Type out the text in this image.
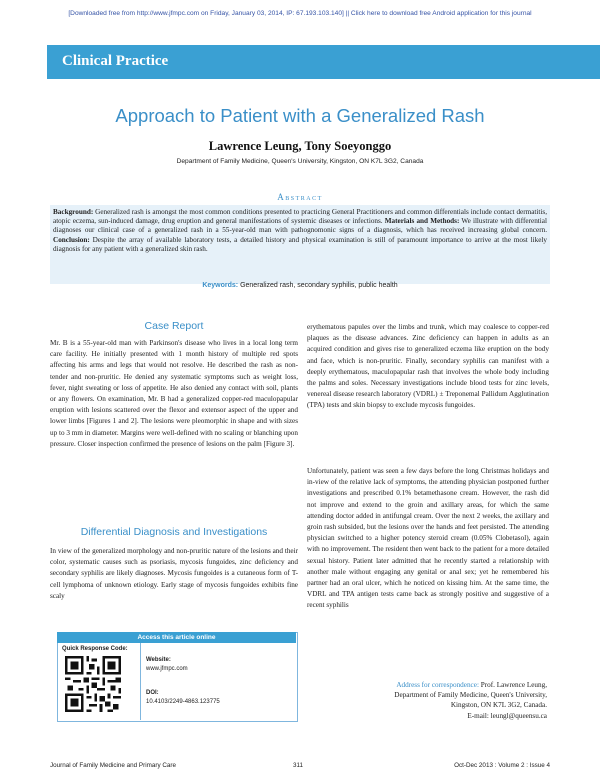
[Downloaded free from http://www.jfmpc.com on Friday, January 03, 2014, IP: 67.193.103.140] || Click here to download free Android application for this journal
Clinical Practice
Approach to Patient with a Generalized Rash
Lawrence Leung, Tony Soeyonggo
Department of Family Medicine, Queen's University, Kingston, ON K7L 3G2, Canada
Abstract
Background: Generalized rash is amongst the most common conditions presented to practicing General Practitioners and common differentials include contact dermatitis, atopic eczema, sun-induced damage, drug eruption and general manifestations of systemic diseases or infections. Materials and Methods: We illustrate with differential diagnoses our clinical case of a generalized rash in a 55-year-old man with pathognomonic signs of a diagnosis, which has received increasing global concern. Conclusion: Despite the array of available laboratory tests, a detailed history and physical examination is still of paramount importance to arrive at the most likely diagnosis for any patient with a generalized skin rash.
Keywords: Generalized rash, secondary syphilis, public health
Case Report

Mr. B is a 55-year-old man with Parkinson's disease who lives in a local long term care facility. He initially presented with 1 month history of multiple red spots affecting his arms and legs that would not resolve. He described the rash as non-tender and non-pruritic. He denied any systematic symptoms such as weight loss, fever, night sweating or loss of appetite. He also denied any contact with soil, plants or any flowers. On examination, Mr. B had a generalized copper-red maculopapular eruption with lesions scattered over the flexor and extensor aspect of the upper and lower limbs [Figures 1 and 2]. The lesions were pleomorphic in shape and with sizes up to 3 mm in diameter. Margins were well-defined with no scaling or blanching upon pressure. Closer inspection confirmed the presence of lesions on the palm [Figure 3].

Differential Diagnosis and Investigations

In view of the generalized morphology and non-pruritic nature of the lesions and their color, systematic causes such as psoriasis, mycosis fungoides, zinc deficiency and secondary syphilis are likely diagnoses. Mycosis fungoides is a cutaneous form of T-cell lymphoma of unknown etiology. Early stage of mycosis fungoides exhibits fine scaly

erythematous papules over the limbs and trunk, which may coalesce to copper-red plaques as the disease advances. Zinc deficiency can happen in adults as an acquired condition and gives rise to generalized eczema like eruption on the body and face, which is non-pruritic. Finally, secondary syphilis can manifest with a deeply erythematous, maculopapular rash that involves the whole body including the palms and soles. Necessary investigations include blood tests for zinc levels, venereal disease research laboratory (VDRL) ± Treponemal Pallidum Agglutination (TPA) tests and skin biopsy to exclude mycosis fungoides.

Unfortunately, patient was seen a few days before the long Christmas holidays and in-view of the relative lack of symptoms, the attending physician postponed further investigations and prescribed 0.1% betamethasone cream. However, the rash did not improve and extend to the groin and axillary areas, for which the same attending doctor added in antifungal cream. Over the next 2 weeks, the axillary and groin rash subsided, but the lesions over the hands and feet persisted. The attending physician switched to a higher potency steroid cream (0.05% Clobetasol), again with no improvement. The resident then went back to the patient for a more detailed sexual history. Patient later admitted that he recently started a relationship with another male without engaging any genital or anal sex; yet he remembered his partner had an oral ulcer, which he noticed on kissing him. At the same time, the VDRL and TPA antigen tests came back as strongly positive and suggestive of a recent syphilis

Access this article online
Quick Response Code:
Website:
www.jfmpc.com
DOI:
10.4103/2249-4863.123775
Address for correspondence: Prof. Lawrence Leung,
Department of Family Medicine, Queen's University,
Kingston, ON K7L 3G2, Canada.
E-mail: leungl@queensu.ca
Journal of Family Medicine and Primary Care	311	Oct-Dec 2013 : Volume 2 : Issue 4
